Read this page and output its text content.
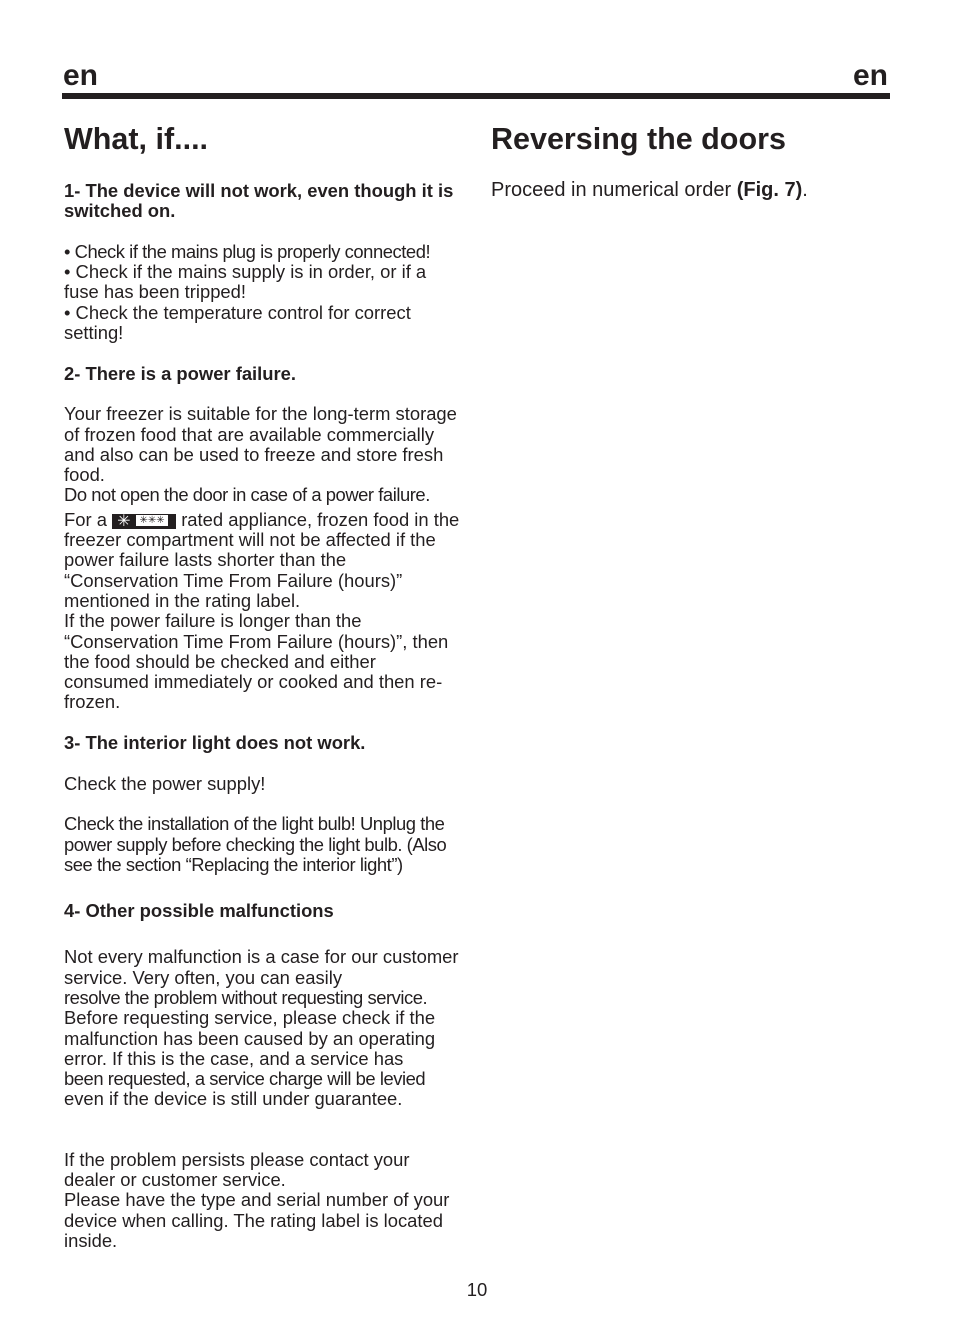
en	en
What, if....

1- The device will not work, even though it is switched on.

• Check if the mains plug is properly connected!

• Check if the mains supply is in order, or if a fuse has been tripped!

• Check the temperature control for correct setting!

2- There is a power failure.

Your freezer is suitable for the long-term storage of frozen food that are available commercially and also can be used to freeze and store fresh food.

Do not open the door in case of a power failure.

For a ✳ ✳✳✳ rated appliance, frozen food in the freezer compartment will not be affected if the power failure lasts shorter than the “Conservation Time From Failure (hours)” mentioned in the rating label.

If the power failure is longer than the “Conservation Time From Failure (hours)”, then the food should be checked and either consumed immediately or cooked and then re-frozen.

3- The interior light does not work.

Check the power supply!

Check the installation of the light bulb! Unplug the power supply before checking the light bulb. (Also see the section “Replacing the interior light”)

4- Other possible malfunctions

Not every malfunction is a case for our customer service. Very often, you can easily

resolve the problem without requesting service.

Before requesting service, please check if the malfunction has been caused by an operating error. If this is the case, and a service has

been requested, a service charge will be levied

even if the device is still under guarantee.

If the problem persists please contact your dealer or customer service.

Please have the type and serial number of your device when calling. The rating label is located inside.

Reversing the doors

Proceed in numerical order (Fig. 7).

10
